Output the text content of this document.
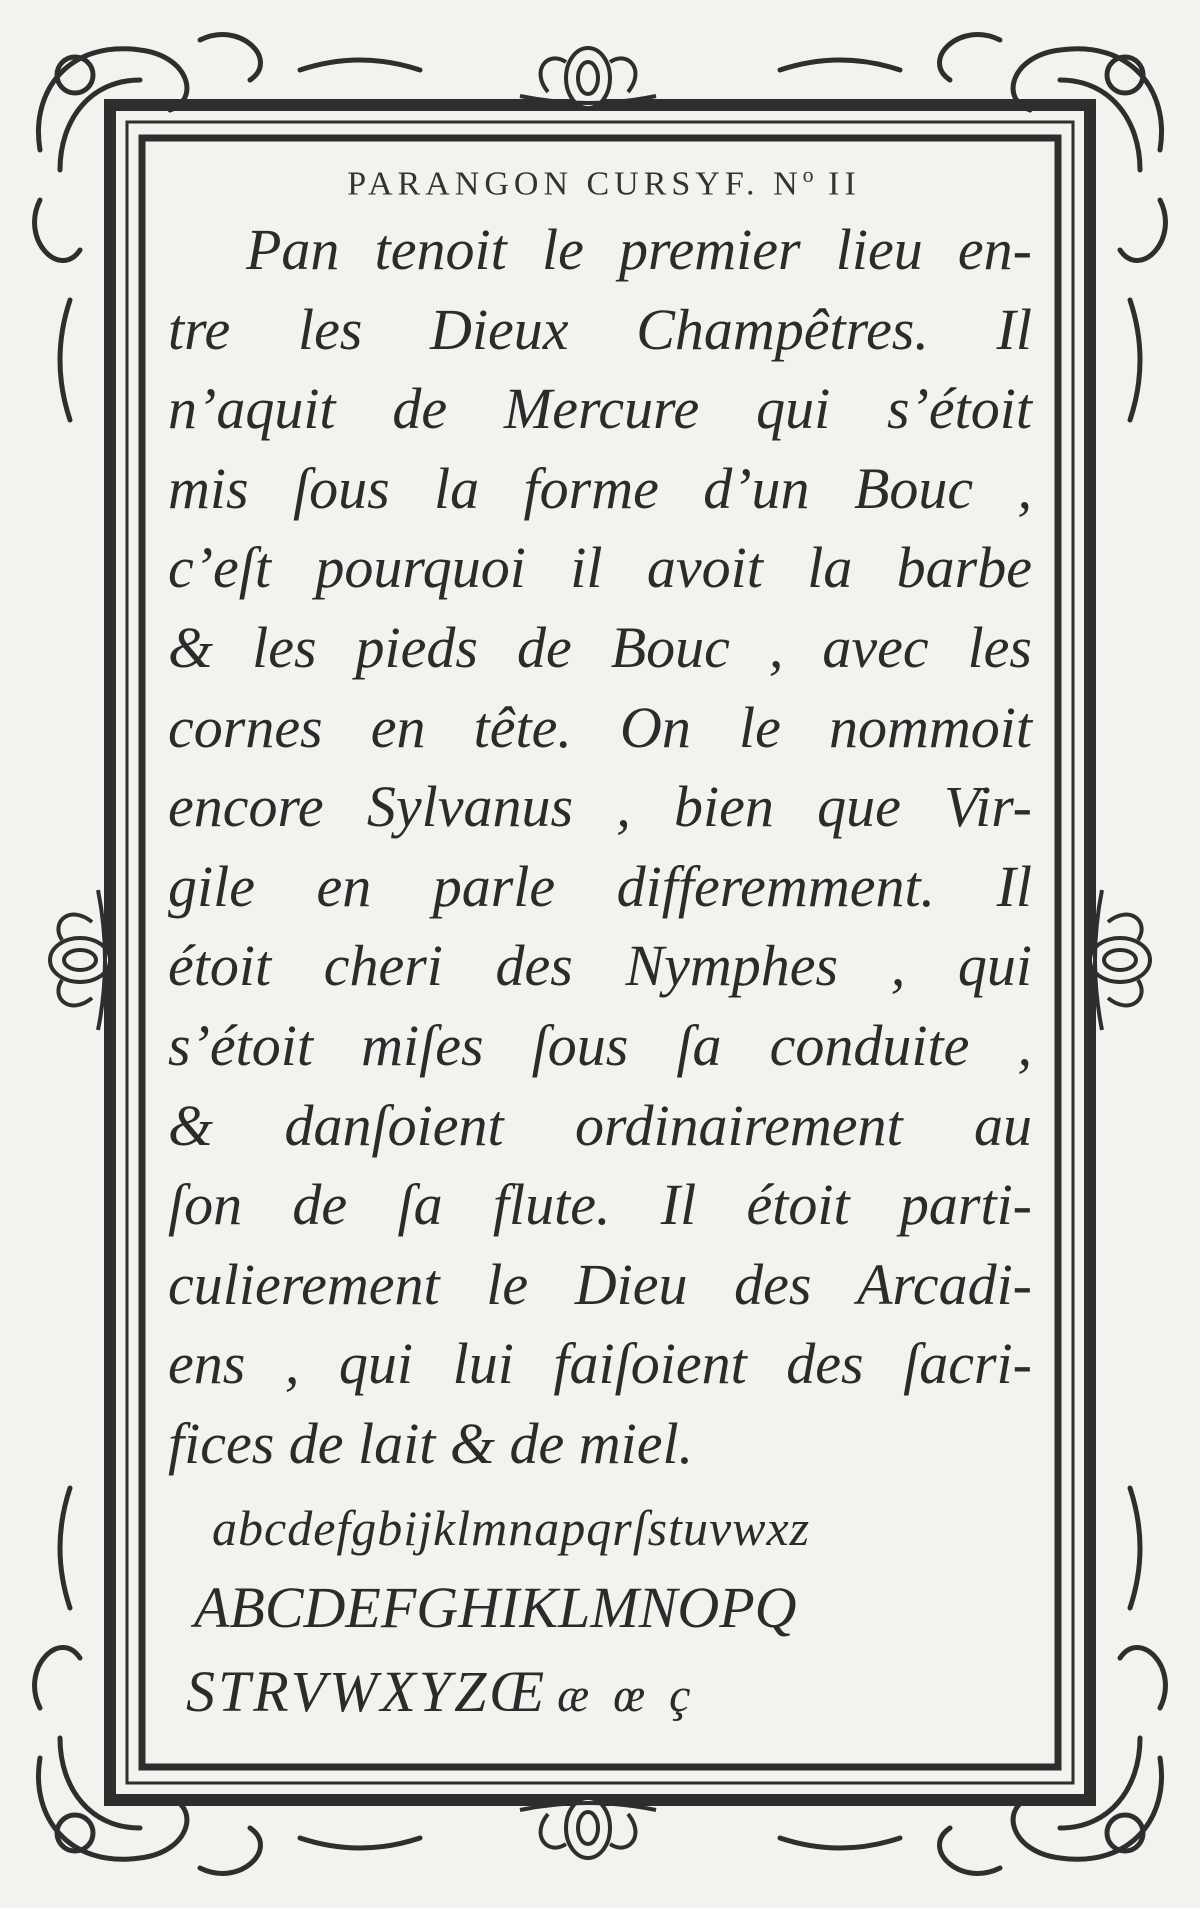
PARANGON CURSYF. $N^o$ II
Pan tenoit le premier lieu en-
tre les Dieux Champêtres. Il
n’aquit de Mercure qui s’étoit
mis ſous la forme d’un Bouc ,
c’eſt pourquoi il avoit la barbe
& les pieds de Bouc , avec les
cornes en tête. On le nommoit
encore Sylvanus , bien que Vir-
gile en parle differemment. Il
étoit cheri des Nymphes , qui
s’étoit miſes ſous ſa conduite ,
& danſoient ordinairement au
ſon de ſa flute. Il étoit parti-
culierement le Dieu des Arcadi-
ens , qui lui faiſoient des ſacri-
fices de lait & de miel.
abcdefgbijklmnapqrſstuvwxz
ABCDEFGHIKLMNOPQ
STRVWXYZŒ æ œ ç
